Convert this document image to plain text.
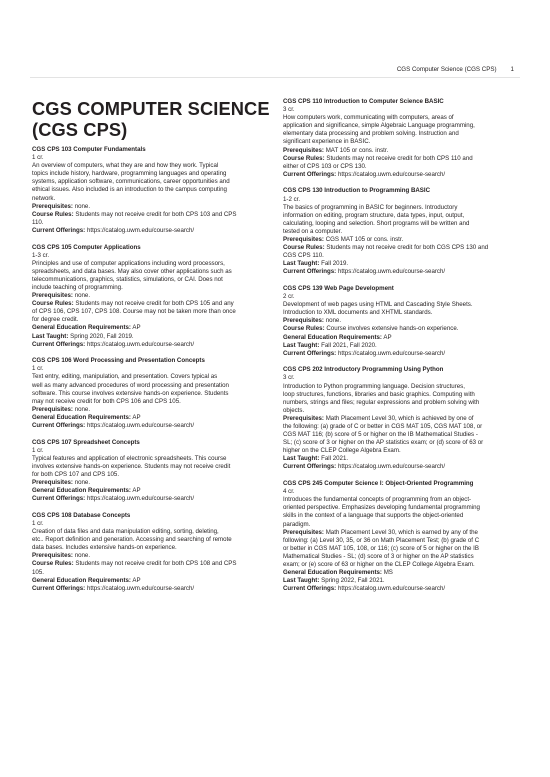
CGS Computer Science (CGS CPS) 1
CGS COMPUTER SCIENCE
(CGS CPS)
CGS CPS 103 Computer Fundamentals
1 cr.
An overview of computers, what they are and how they work. Typical
topics include history, hardware, programming languages and operating
systems, application software, communications, career opportunities and
ethical issues. Also included is an introduction to the campus computing
network.
Prerequisites: none.
Course Rules: Students may not receive credit for both CPS 103 and CPS
110.
Current Offerings: https://catalog.uwm.edu/course-search/
CGS CPS 105 Computer Applications
1-3 cr.
Principles and use of computer applications including word processors,
spreadsheets, and data bases. May also cover other applications such as
telecommunications, graphics, statistics, simulations, or CAI. Does not
include teaching of programming.
Prerequisites: none.
Course Rules: Students may not receive credit for both CPS 105 and any
of CPS 106, CPS 107, CPS 108. Course may not be taken more than once
for degree credit.
General Education Requirements: AP
Last Taught: Spring 2020, Fall 2019.
Current Offerings: https://catalog.uwm.edu/course-search/
CGS CPS 106 Word Processing and Presentation Concepts
1 cr.
Text entry, editing, manipulation, and presentation. Covers typical as
well as many advanced procedures of word processing and presentation
software. This course involves extensive hands-on experience. Students
may not receive credit for both CPS 106 and CPS 105.
Prerequisites: none.
General Education Requirements: AP
Current Offerings: https://catalog.uwm.edu/course-search/
CGS CPS 107 Spreadsheet Concepts
1 cr.
Typical features and application of electronic spreadsheets. This course
involves extensive hands-on experience. Students may not receive credit
for both CPS 107 and CPS 105.
Prerequisites: none.
General Education Requirements: AP
Current Offerings: https://catalog.uwm.edu/course-search/
CGS CPS 108 Database Concepts
1 cr.
Creation of data files and data manipulation editing, sorting, deleting,
etc.. Report definition and generation. Accessing and searching of remote
data bases. Includes extensive hands-on experience.
Prerequisites: none.
Course Rules: Students may not receive credit for both CPS 108 and CPS
105.
General Education Requirements: AP
Current Offerings: https://catalog.uwm.edu/course-search/
CGS CPS 110 Introduction to Computer Science BASIC
3 cr.
How computers work, communicating with computers, areas of
application and significance, simple Algebraic Language programming,
elementary data processing and problem solving. Instruction and
significant experience in BASIC.
Prerequisites: MAT 105 or cons. instr.
Course Rules: Students may not receive credit for both CPS 110 and
either of CPS 103 or CPS 130.
Current Offerings: https://catalog.uwm.edu/course-search/
CGS CPS 130 Introduction to Programming BASIC
1-2 cr.
The basics of programming in BASIC for beginners. Introductory
information on editing, program structure, data types, input, output,
calculating, looping and selection. Short programs will be written and
tested on a computer.
Prerequisites: CGS MAT 105 or cons. instr.
Course Rules: Students may not receive credit for both CGS CPS 130 and
CGS CPS 110.
Last Taught: Fall 2019.
Current Offerings: https://catalog.uwm.edu/course-search/
CGS CPS 139 Web Page Development
2 cr.
Development of web pages using HTML and Cascading Style Sheets.
Introduction to XML documents and XHTML standards.
Prerequisites: none.
Course Rules: Course involves extensive hands-on experience.
General Education Requirements: AP
Last Taught: Fall 2021, Fall 2020.
Current Offerings: https://catalog.uwm.edu/course-search/
CGS CPS 202 Introductory Programming Using Python
3 cr.
Introduction to Python programming language. Decision structures,
loop structures, functions, libraries and basic graphics. Computing with
numbers, strings and files; regular expressions and problem solving with
objects.
Prerequisites: Math Placement Level 30, which is achieved by one of
the following: (a) grade of C or better in CGS MAT 105, CGS MAT 108, or
CGS MAT 116; (b) score of 5 or higher on the IB Mathematical Studies -
SL; (c) score of 3 or higher on the AP statistics exam; or (d) score of 63 or
higher on the CLEP College Algebra Exam.
Last Taught: Fall 2021.
Current Offerings: https://catalog.uwm.edu/course-search/
CGS CPS 245 Computer Science I: Object-Oriented Programming
4 cr.
Introduces the fundamental concepts of programming from an object-
oriented perspective. Emphasizes developing fundamental programming
skills in the context of a language that supports the object-oriented
paradigm.
Prerequisites: Math Placement Level 30, which is earned by any of the
following: (a) Level 30, 35, or 36 on Math Placement Test; (b) grade of C
or better in CGS MAT 105, 108, or 116; (c) score of 5 or higher on the IB
Mathematical Studies - SL; (d) score of 3 or higher on the AP statistics
exam; or (e) score of 63 or higher on the CLEP College Algebra Exam.
General Education Requirements: MS
Last Taught: Spring 2022, Fall 2021.
Current Offerings: https://catalog.uwm.edu/course-search/
